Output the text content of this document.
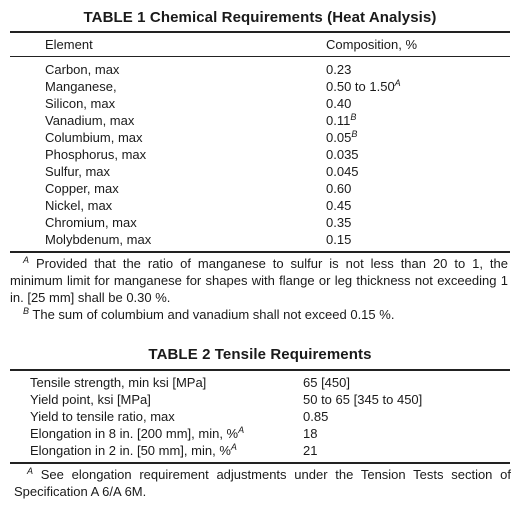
TABLE 1 Chemical Requirements (Heat Analysis)
Element	Composition, %
Carbon, max	0.23
Manganese,	0.50 to $1.50^A$
Silicon, max	0.40
Vanadium, max	$0.11^B$
Columbium, max	$0.05^B$
Phosphorus, max	0.035
Sulfur, max	0.045
Copper, max	0.60
Nickel, max	0.45
Chromium, max	0.35
Molybdenum, max	0.15
$^A$ Provided that the ratio of manganese to sulfur is not less than 20 to 1, the minimum limit for manganese for shapes with flange or leg thickness not exceeding 1 in. [25 mm] shall be 0.30 %.
$^B$ The sum of columbium and vanadium shall not exceed 0.15 %.
TABLE 2 Tensile Requirements
Tensile strength, min ksi [MPa]	65 [450]
Yield point, ksi [MPa]	50 to 65 [345 to 450]
Yield to tensile ratio, max	0.85
Elongation in 8 in. [200 mm], min, %$^A$	18
Elongation in 2 in. [50 mm], min, %$^A$	21
$^A$ See elongation requirement adjustments under the Tension Tests section of Specification A 6/A 6M.
